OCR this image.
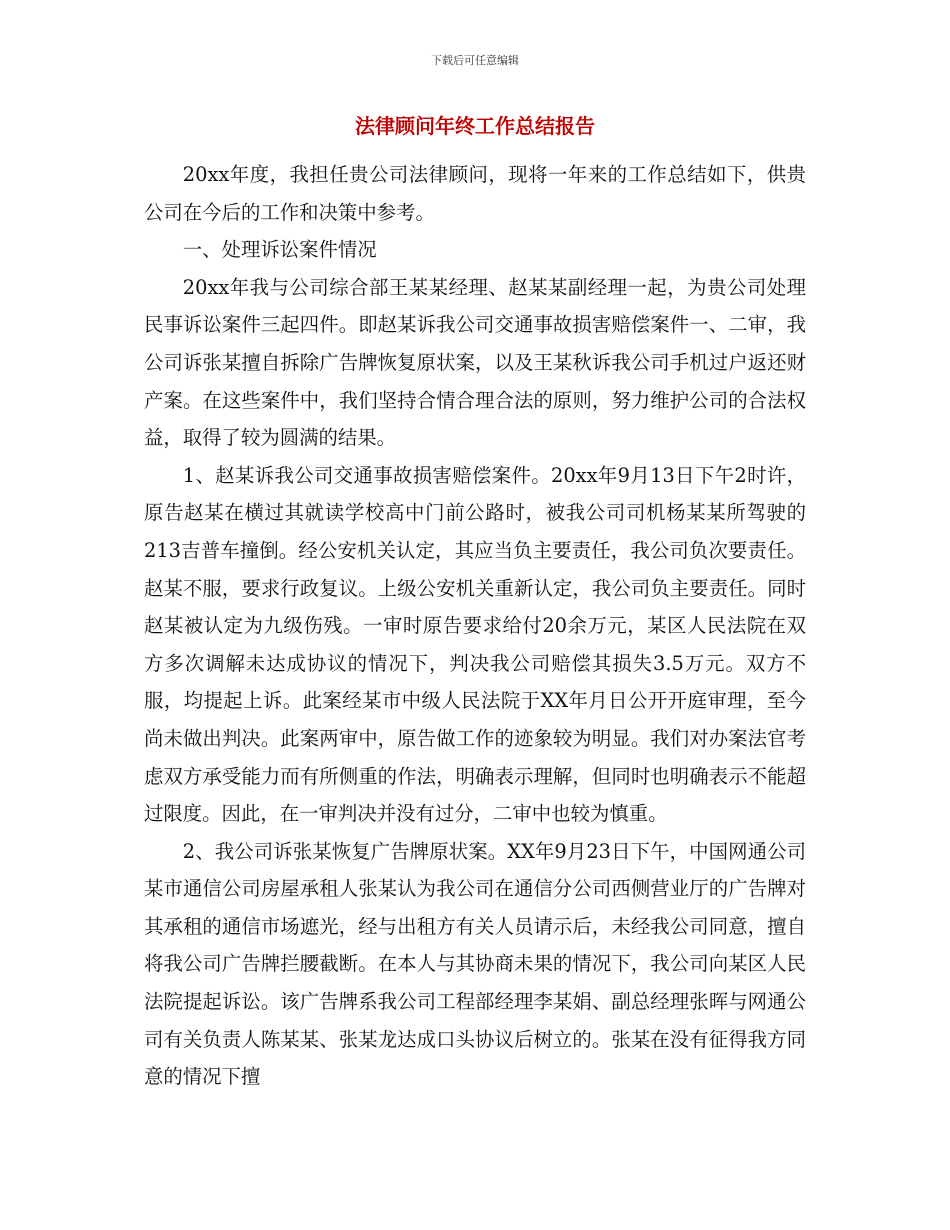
下载后可任意编辑
法律顾问年终工作总结报告

20xx年度，我担任贵公司法律顾问，现将一年来的工作总结如下，供贵公司在今后的工作和决策中参考。

一、处理诉讼案件情况

20xx年我与公司综合部王某某经理、赵某某副经理一起，为贵公司处理民事诉讼案件三起四件。即赵某诉我公司交通事故损害赔偿案件一、二审，我公司诉张某擅自拆除广告牌恢复原状案，以及王某秋诉我公司手机过户返还财产案。在这些案件中，我们坚持合情合理合法的原则，努力维护公司的合法权益，取得了较为圆满的结果。

1、赵某诉我公司交通事故损害赔偿案件。20xx年9月13日下午2时许，原告赵某在横过其就读学校高中门前公路时，被我公司司机杨某某所驾驶的213吉普车撞倒。经公安机关认定，其应当负主要责任，我公司负次要责任。赵某不服，要求行政复议。上级公安机关重新认定，我公司负主要责任。同时赵某被认定为九级伤残。一审时原告要求给付20余万元，某区人民法院在双方多次调解未达成协议的情况下，判决我公司赔偿其损失3.5万元。双方不服，均提起上诉。此案经某市中级人民法院于XX年月日公开开庭审理，至今尚未做出判决。此案两审中，原告做工作的迹象较为明显。我们对办案法官考虑双方承受能力而有所侧重的作法，明确表示理解，但同时也明确表示不能超过限度。因此，在一审判决并没有过分，二审中也较为慎重。

2、我公司诉张某恢复广告牌原状案。XX年9月23日下午，中国网通公司某市通信公司房屋承租人张某认为我公司在通信分公司西侧营业厅的广告牌对其承租的通信市场遮光，经与出租方有关人员请示后，未经我公司同意，擅自将我公司广告牌拦腰截断。在本人与其协商未果的情况下，我公司向某区人民法院提起诉讼。该广告牌系我公司工程部经理李某娟、副总经理张晖与网通公司有关负责人陈某某、张某龙达成口头协议后树立的。张某在没有征得我方同意的情况下擅
